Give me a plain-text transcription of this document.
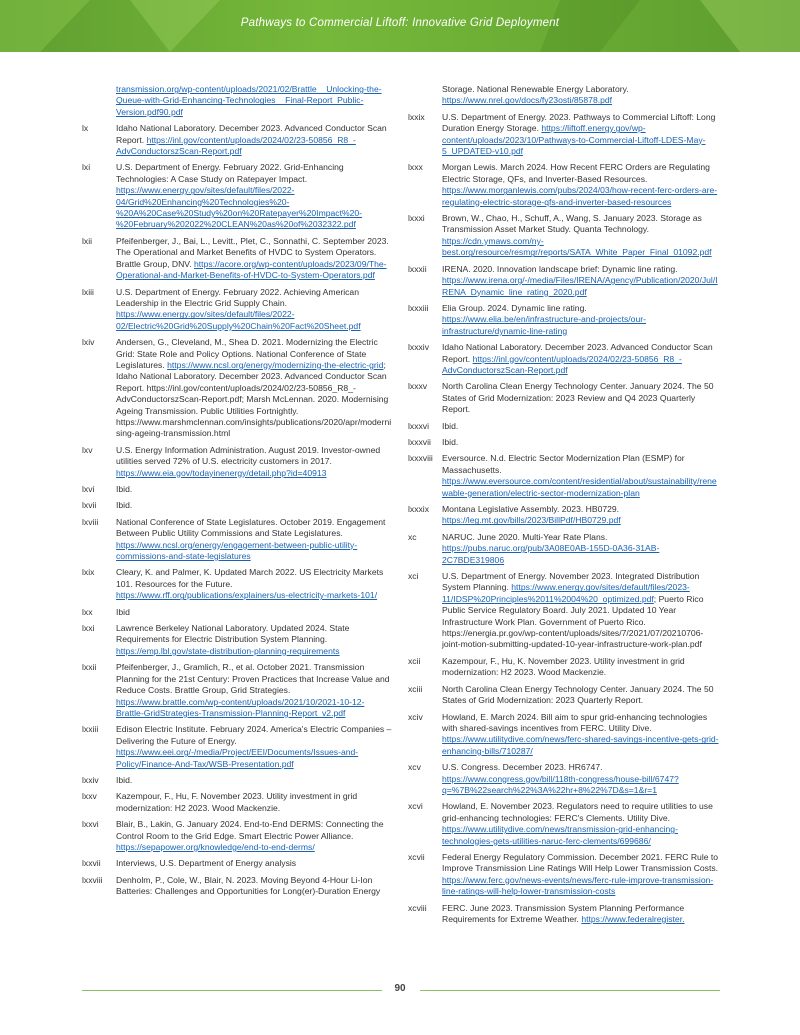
Pathways to Commercial Liftoff: Innovative Grid Deployment
transmission.org/wp-content/uploads/2021/02/Brattle__Unlocking-the-Queue-with-Grid-Enhancing-Technologies__Final-Report_Public-Version.pdf90.pdf
lx	Idaho National Laboratory. December 2023. Advanced Conductor Scan Report. https://inl.gov/content/uploads/2024/02/23-50856_R8_-AdvConductorszScan-Report.pdf
lxi	U.S. Department of Energy. February 2022. Grid-Enhancing Technologies: A Case Study on Ratepayer Impact. https://www.energy.gov/sites/default/files/2022-04/Grid%20Enhancing%20Technologies%20-%20A%20Case%20Study%20on%20Ratepayer%20Impact%20-%20February%202022%20CLEAN%20as%20of%2032322.pdf
lxii	Pfeifenberger, J., Bai, L., Levitt., Plet, C., Sonnathi, C. September 2023. The Operational and Market Benefits of HVDC to System Operators. Brattle Group, DNV. https://acore.org/wp-content/uploads/2023/09/The-Operational-and-Market-Benefits-of-HVDC-to-System-Operators.pdf
lxiii	U.S. Department of Energy. February 2022. Achieving American Leadership in the Electric Grid Supply Chain. https://www.energy.gov/sites/default/files/2022-02/Electric%20Grid%20Supply%20Chain%20Fact%20Sheet.pdf
lxiv	Andersen, G., Cleveland, M., Shea D. 2021. Modernizing the Electric Grid: State Role and Policy Options. National Conference of State Legislatures. https://www.ncsl.org/energy/modernizing-the-electric-grid; Idaho National Laboratory. December 2023. Advanced Conductor Scan Report. https://inl.gov/content/uploads/2024/02/23-50856_R8_-AdvConductorszScan-Report.pdf; Marsh McLennan. 2020. Modernising Ageing Transmission. Public Utilities Fortnightly. https://www.marshmclennan.com/insights/publications/2020/apr/modernising-ageing-transmission.html
lxv	U.S. Energy Information Administration. August 2019. Investor-owned utilities served 72% of U.S. electricity customers in 2017. https://www.eia.gov/todayinenergy/detail.php?id=40913
lxvi	Ibid.
lxvii	Ibid.
lxviii	National Conference of State Legislatures. October 2019. Engagement Between Public Utility Commissions and State Legislatures. https://www.ncsl.org/energy/engagement-between-public-utility-commissions-and-state-legislatures
lxix	Cleary, K. and Palmer, K. Updated March 2022. US Electricity Markets 101. Resources for the Future. https://www.rff.org/publications/explainers/us-electricity-markets-101/
lxx	Ibid
lxxi	Lawrence Berkeley National Laboratory. Updated 2024. State Requirements for Electric Distribution System Planning. https://emp.lbl.gov/state-distribution-planning-requirements
lxxii	Pfeifenberger, J., Gramlich, R., et al. October 2021. Transmission Planning for the 21st Century: Proven Practices that Increase Value and Reduce Costs. Brattle Group, Grid Strategies. https://www.brattle.com/wp-content/uploads/2021/10/2021-10-12-Brattle-GridStrategies-Transmission-Planning-Report_v2.pdf
lxxiii	Edison Electric Institute. February 2024. America's Electric Companies – Delivering the Future of Energy. https://www.eei.org/-/media/Project/EEI/Documents/Issues-and-Policy/Finance-And-Tax/WSB-Presentation.pdf
lxxiv	Ibid.
lxxv	Kazempour, F., Hu, F. November 2023. Utility investment in grid modernization: H2 2023. Wood Mackenzie.
lxxvi	Blair, B., Lakin, G. January 2024. End-to-End DERMS: Connecting the Control Room to the Grid Edge. Smart Electric Power Alliance. https://sepapower.org/knowledge/end-to-end-derms/
lxxvii	Interviews, U.S. Department of Energy analysis
lxxviii	Denholm, P., Cole, W., Blair, N. 2023. Moving Beyond 4-Hour Li-Ion Batteries: Challenges and Opportunities for Long(er)-Duration Energy
Storage. National Renewable Energy Laboratory. https://www.nrel.gov/docs/fy23osti/85878.pdf
lxxix	U.S. Department of Energy. 2023. Pathways to Commercial Liftoff: Long Duration Energy Storage. https://liftoff.energy.gov/wp-content/uploads/2023/10/Pathways-to-Commercial-Liftoff-LDES-May-5_UPDATED-v10.pdf
lxxx	Morgan Lewis. March 2024. How Recent FERC Orders are Regulating Electric Storage, QFs, and Inverter-Based Resources. https://www.morganlewis.com/pubs/2024/03/how-recent-ferc-orders-are-regulating-electric-storage-qfs-and-inverter-based-resources
lxxxi	Brown, W., Chao, H., Schuff, A., Wang, S. January 2023. Storage as Transmission Asset Market Study. Quanta Technology. https://cdn.ymaws.com/ny-best.org/resource/resmgr/reports/SATA_White_Paper_Final_01092.pdf
lxxxii	IRENA. 2020. Innovation landscape brief: Dynamic line rating. https://www.irena.org/-/media/Files/IRENA/Agency/Publication/2020/Jul/IRENA_Dynamic_line_rating_2020.pdf
lxxxiii	Elia Group. 2024. Dynamic line rating. https://www.elia.be/en/infrastructure-and-projects/our-infrastructure/dynamic-line-rating
lxxxiv	Idaho National Laboratory. December 2023. Advanced Conductor Scan Report. https://inl.gov/content/uploads/2024/02/23-50856_R8_-AdvConductorszScan-Report.pdf
lxxxv	North Carolina Clean Energy Technology Center. January 2024. The 50 States of Grid Modernization: 2023 Review and Q4 2023 Quarterly Report.
lxxxvi	Ibid.
lxxxvii	Ibid.
lxxxviii	Eversource. N.d. Electric Sector Modernization Plan (ESMP) for Massachusetts. https://www.eversource.com/content/residential/about/sustainability/renewable-generation/electric-sector-modernization-plan
lxxxix	Montana Legislative Assembly. 2023. HB0729. https://leg.mt.gov/bills/2023/BillPdf/HB0729.pdf
xc	NARUC. June 2020. Multi-Year Rate Plans. https://pubs.naruc.org/pub/3A08E0AB-155D-0A36-31AB-2C7BDE319806
xci	U.S. Department of Energy. November 2023. Integrated Distribution System Planning. https://www.energy.gov/sites/default/files/2023-11/IDSP%20Principles%2011%2004%20_optimized.pdf; Puerto Rico Public Service Regulatory Board. July 2021. Updated 10 Year Infrastructure Work Plan. Government of Puerto Rico. https://energia.pr.gov/wp-content/uploads/sites/7/2021/07/20210706-joint-motion-submitting-updated-10-year-infrastructure-work-plan.pdf
xcii	Kazempour, F., Hu, K. November 2023. Utility investment in grid modernization: H2 2023. Wood Mackenzie.
xciii	North Carolina Clean Energy Technology Center. January 2024. The 50 States of Grid Modernization: 2023 Quarterly Report.
xciv	Howland, E. March 2024. Bill aim to spur grid-enhancing technologies with shared-savings incentives from FERC. Utility Dive. https://www.utilitydive.com/news/ferc-shared-savings-incentive-gets-grid-enhancing-bills/710287/
xcv	U.S. Congress. December 2023. HR6747. https://www.congress.gov/bill/118th-congress/house-bill/6747?q=%7B%22search%22%3A%22hr+8%22%7D&s=1&r=1
xcvi	Howland, E. November 2023. Regulators need to require utilities to use grid-enhancing technologies: FERC's Clements. Utility Dive. https://www.utilitydive.com/news/transmission-grid-enhancing-technologies-gets-utilities-naruc-ferc-clements/699686/
xcvii	Federal Energy Regulatory Commission. December 2021. FERC Rule to Improve Transmission Line Ratings Will Help Lower Transmission Costs. https://www.ferc.gov/news-events/news/ferc-rule-improve-transmission-line-ratings-will-help-lower-transmission-costs
xcviii	FERC. June 2023. Transmission System Planning Performance Requirements for Extreme Weather. https://www.federalregister.
90
